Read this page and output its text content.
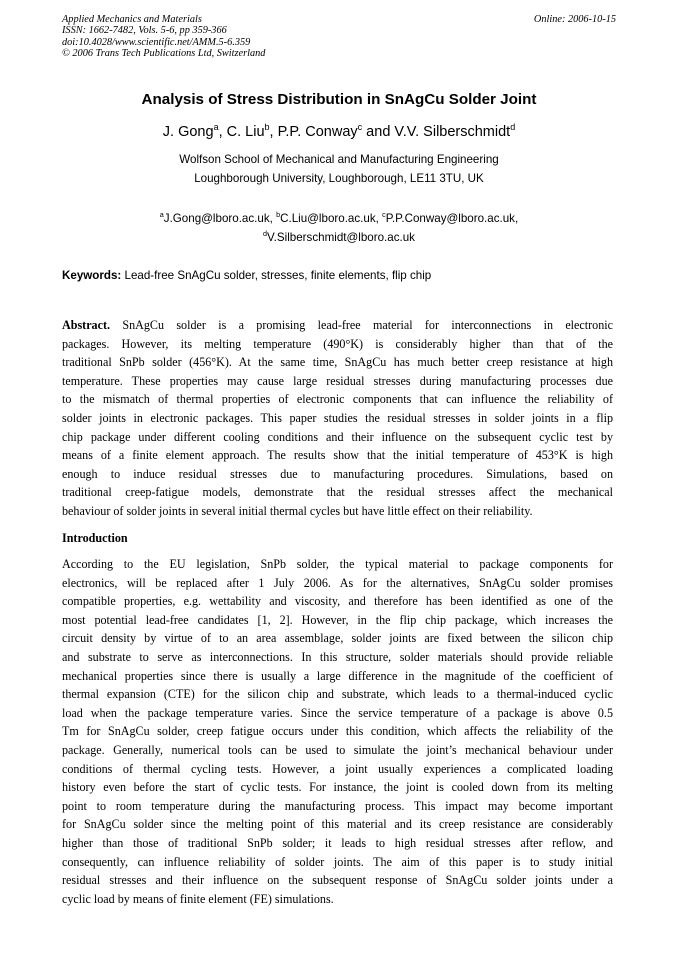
Applied Mechanics and Materials
ISSN: 1662-7482, Vols. 5-6, pp 359-366
doi:10.4028/www.scientific.net/AMM.5-6.359
© 2006 Trans Tech Publications Ltd, Switzerland
Online: 2006-10-15
Analysis of Stress Distribution in SnAgCu Solder Joint
J. Gong$^a$, C. Liu$^b$, P.P. Conway$^c$ and V.V. Silberschmidt$^d$
Wolfson School of Mechanical and Manufacturing Engineering
Loughborough University, Loughborough, LE11 3TU, UK
$^a$J.Gong@lboro.ac.uk, $^b$C.Liu@lboro.ac.uk, $^c$P.P.Conway@lboro.ac.uk,
$^d$V.Silberschmidt@lboro.ac.uk
Keywords: Lead-free SnAgCu solder, stresses, finite elements, flip chip
Abstract. SnAgCu solder is a promising lead-free material for interconnections in electronic
packages. However, its melting temperature (490°K) is considerably higher than that of the
traditional SnPb solder (456°K). At the same time, SnAgCu has much better creep resistance at high
temperature. These properties may cause large residual stresses during manufacturing processes due
to the mismatch of thermal properties of electronic components that can influence the reliability of
solder joints in electronic packages. This paper studies the residual stresses in solder joints in a flip
chip package under different cooling conditions and their influence on the subsequent cyclic test by
means of a finite element approach. The results show that the initial temperature of 453°K is high
enough to induce residual stresses due to manufacturing procedures. Simulations, based on
traditional creep-fatigue models, demonstrate that the residual stresses affect the mechanical
behaviour of solder joints in several initial thermal cycles but have little effect on their reliability.
Introduction
According to the EU legislation, SnPb solder, the typical material to package components for
electronics, will be replaced after 1 July 2006. As for the alternatives, SnAgCu solder promises
compatible properties, e.g. wettability and viscosity, and therefore has been identified as one of the
most potential lead-free candidates [1, 2]. However, in the flip chip package, which increases the
circuit density by virtue of to an area assemblage, solder joints are fixed between the silicon chip
and substrate to serve as interconnections. In this structure, solder materials should provide reliable
mechanical properties since there is usually a large difference in the magnitude of the coefficient of
thermal expansion (CTE) for the silicon chip and substrate, which leads to a thermal-induced cyclic
load when the package temperature varies. Since the service temperature of a package is above 0.5
Tm for SnAgCu solder, creep fatigue occurs under this condition, which affects the reliability of the
package. Generally, numerical tools can be used to simulate the joint’s mechanical behaviour under
conditions of thermal cycling tests. However, a joint usually experiences a complicated loading
history even before the start of cyclic tests. For instance, the joint is cooled down from its melting
point to room temperature during the manufacturing process. This impact may become important
for SnAgCu solder since the melting point of this material and its creep resistance are considerably
higher than those of traditional SnPb solder; it leads to high residual stresses after reflow, and
consequently, can influence reliability of solder joints. The aim of this paper is to study initial
residual stresses and their influence on the subsequent response of SnAgCu solder joints under a
cyclic load by means of finite element (FE) simulations.
